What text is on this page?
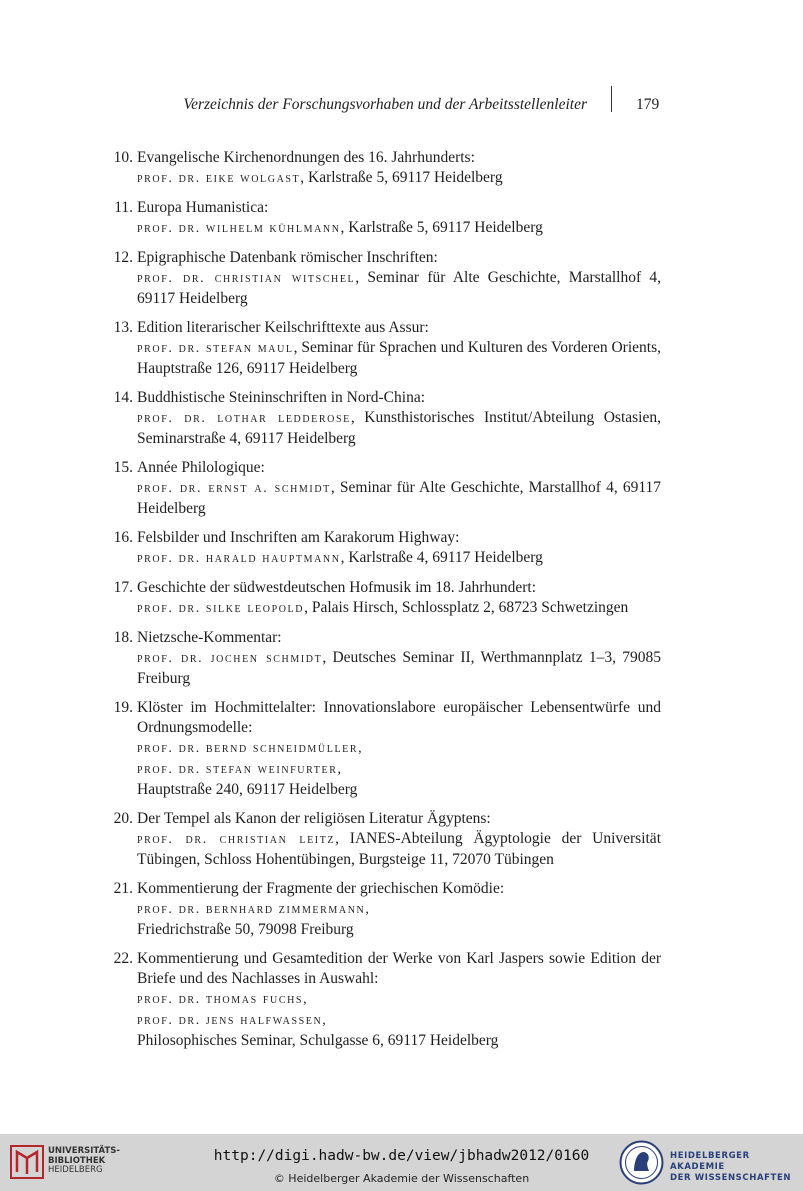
Verzeichnis der Forschungsvorhaben und der Arbeitsstellenleiter	179
10. Evangelische Kirchenordnungen des 16. Jahrhunderts:

prof. dr. eike wolgast, Karlstraße 5, 69117 Heidelberg

11. Europa Humanistica:

prof. dr. wilhelm kühlmann, Karlstraße 5, 69117 Heidelberg

12. Epigraphische Datenbank römischer Inschriften:

prof. dr. christian witschel, Seminar für Alte Geschichte, Marstallhof 4, 69117 Heidelberg

13. Edition literarischer Keilschrifttexte aus Assur:

prof. dr. stefan maul, Seminar für Sprachen und Kulturen des Vorderen Orients, Hauptstraße 126, 69117 Heidelberg

14. Buddhistische Steininschriften in Nord-China:

prof. dr. lothar ledderose, Kunsthistorisches Institut/Abteilung Ostasien, Seminarstraße 4, 69117 Heidelberg

15. Année Philologique:

prof. dr. ernst a. schmidt, Seminar für Alte Geschichte, Marstallhof 4, 69117 Heidelberg

16. Felsbilder und Inschriften am Karakorum Highway:

prof. dr. harald hauptmann, Karlstraße 4, 69117 Heidelberg

17. Geschichte der südwestdeutschen Hofmusik im 18. Jahrhundert:

prof. dr. silke leopold, Palais Hirsch, Schlossplatz 2, 68723 Schwetzingen

18. Nietzsche-Kommentar:

prof. dr. jochen schmidt, Deutsches Seminar II, Werthmannplatz 1–3, 79085 Freiburg

19. Klöster im Hochmittelalter: Innovationslabore europäischer Lebensentwürfe und Ordnungsmodelle:

prof. dr. bernd schneidmüller,

prof. dr. stefan weinfurter,

Hauptstraße 240, 69117 Heidelberg

20. Der Tempel als Kanon der religiösen Literatur Ägyptens:

prof. dr. christian leitz, IANES-Abteilung Ägyptologie der Universität Tübingen, Schloss Hohentübingen, Burgsteige 11, 72070 Tübingen

21. Kommentierung der Fragmente der griechischen Komödie:

prof. dr. bernhard zimmermann,

Friedrichstraße 50, 79098 Freiburg

22. Kommentierung und Gesamtedition der Werke von Karl Jaspers sowie Edition der Briefe und des Nachlasses in Auswahl:

prof. dr. thomas fuchs,

prof. dr. jens halfwassen,

Philosophisches Seminar, Schulgasse 6, 69117 Heidelberg

UNIVERSITÄTS-
BIBLIOTHEK
HEIDELBERG
http://digi.hadw-bw.de/view/jbhadw2012/0160
© Heidelberger Akademie der Wissenschaften
HEIDELBERGER AKADEMIE
DER WISSENSCHAFTEN
